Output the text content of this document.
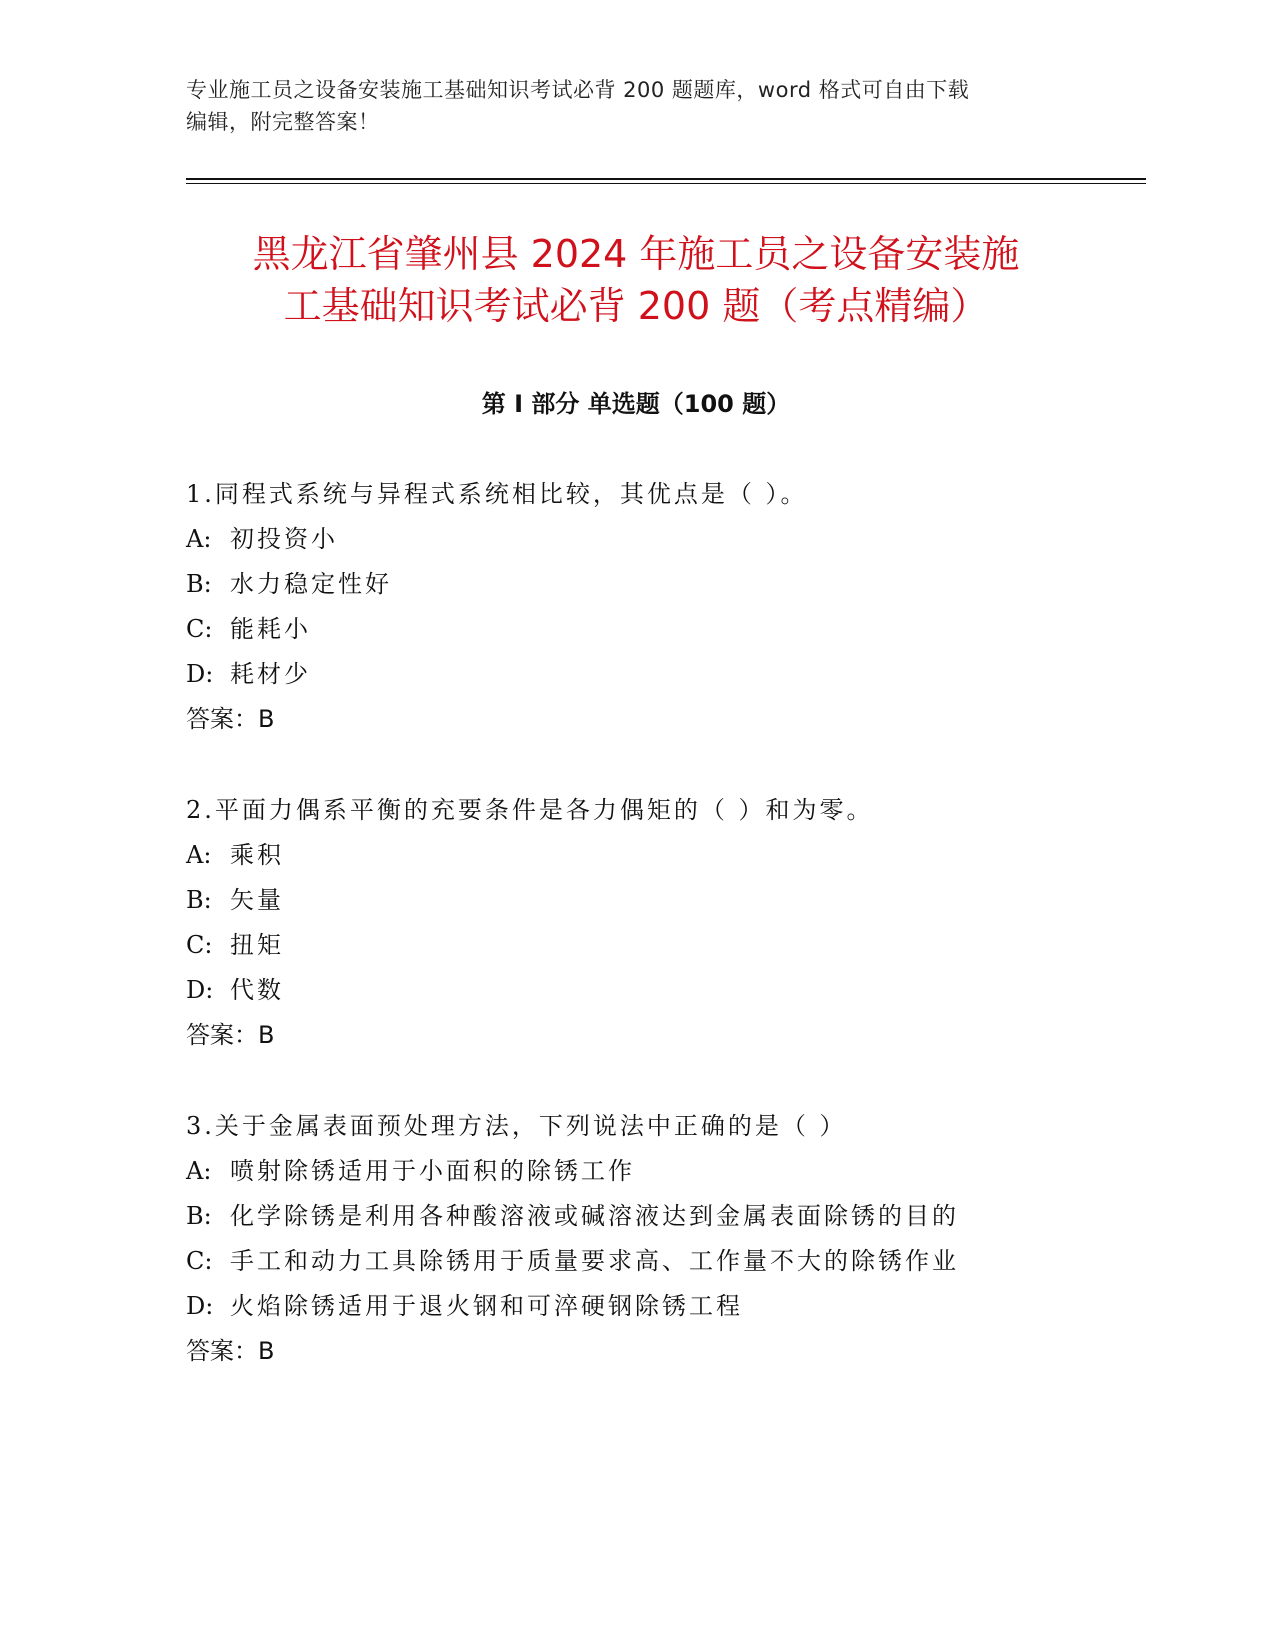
专业施工员之设备安装施工基础知识考试必背 200 题题库，word 格式可自由下载
编辑，附完整答案！
黑龙江省肇州县 2024 年施工员之设备安装施
工基础知识考试必背 200 题（考点精编）
第 I 部分 单选题（100 题）
1.同程式系统与异程式系统相比较，其优点是（ ）。
A: 初投资小
B: 水力稳定性好
C: 能耗小
D: 耗材少
答案：B
2.平面力偶系平衡的充要条件是各力偶矩的（ ）和为零。
A: 乘积
B: 矢量
C: 扭矩
D: 代数
答案：B
3.关于金属表面预处理方法，下列说法中正确的是（ ）
A: 喷射除锈适用于小面积的除锈工作
B: 化学除锈是利用各种酸溶液或碱溶液达到金属表面除锈的目的
C: 手工和动力工具除锈用于质量要求高、工作量不大的除锈作业
D: 火焰除锈适用于退火钢和可淬硬钢除锈工程
答案：B
